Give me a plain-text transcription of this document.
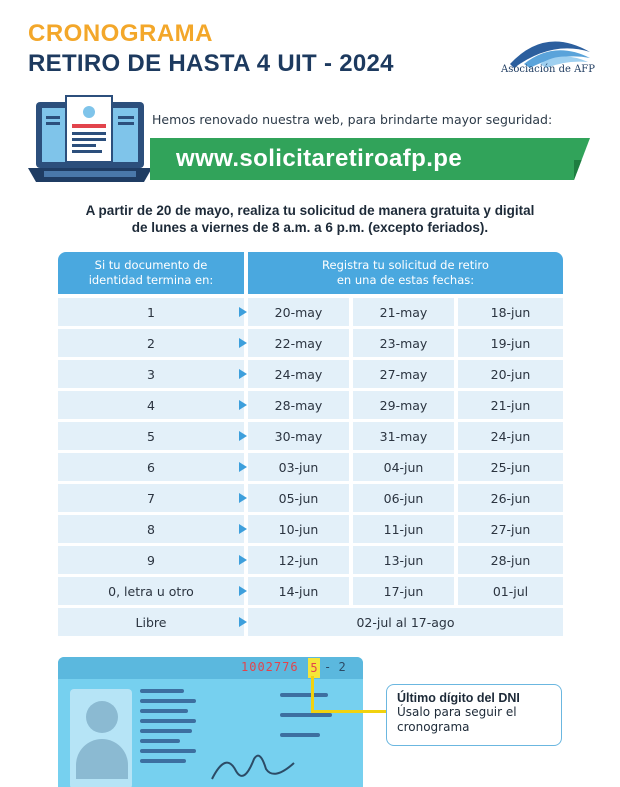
CRONOGRAMA
RETIRO DE HASTA 4 UIT - 2024	Asociación de AFP
Hemos renovado nuestra web, para brindarte mayor seguridad:
www.solicitaretiroafp.pe
A partir de 20 de mayo, realiza tu solicitud de manera gratuita y digital
de lunes a viernes de 8 a.m. a 6 p.m. (excepto feriados).
Si tu documento de
identidad termina en:
Registra tu solicitud de retiro
en una de estas fechas:
1	20-may	21-may	18-jun
2	22-may	23-may	19-jun
3	24-may	27-may	20-jun
4	28-may	29-may	21-jun
5	30-may	31-may	24-jun
6	03-jun	04-jun	25-jun
7	05-jun	06-jun	26-jun
8	10-jun	11-jun	27-jun
9	12-jun	13-jun	28-jun
0, letra u otro	14-jun	17-jun	01-jul
Libre	02-jul al 17-ago
1002776 5 - 2
Último dígito del DNI
Úsalo para seguir el
cronograma
